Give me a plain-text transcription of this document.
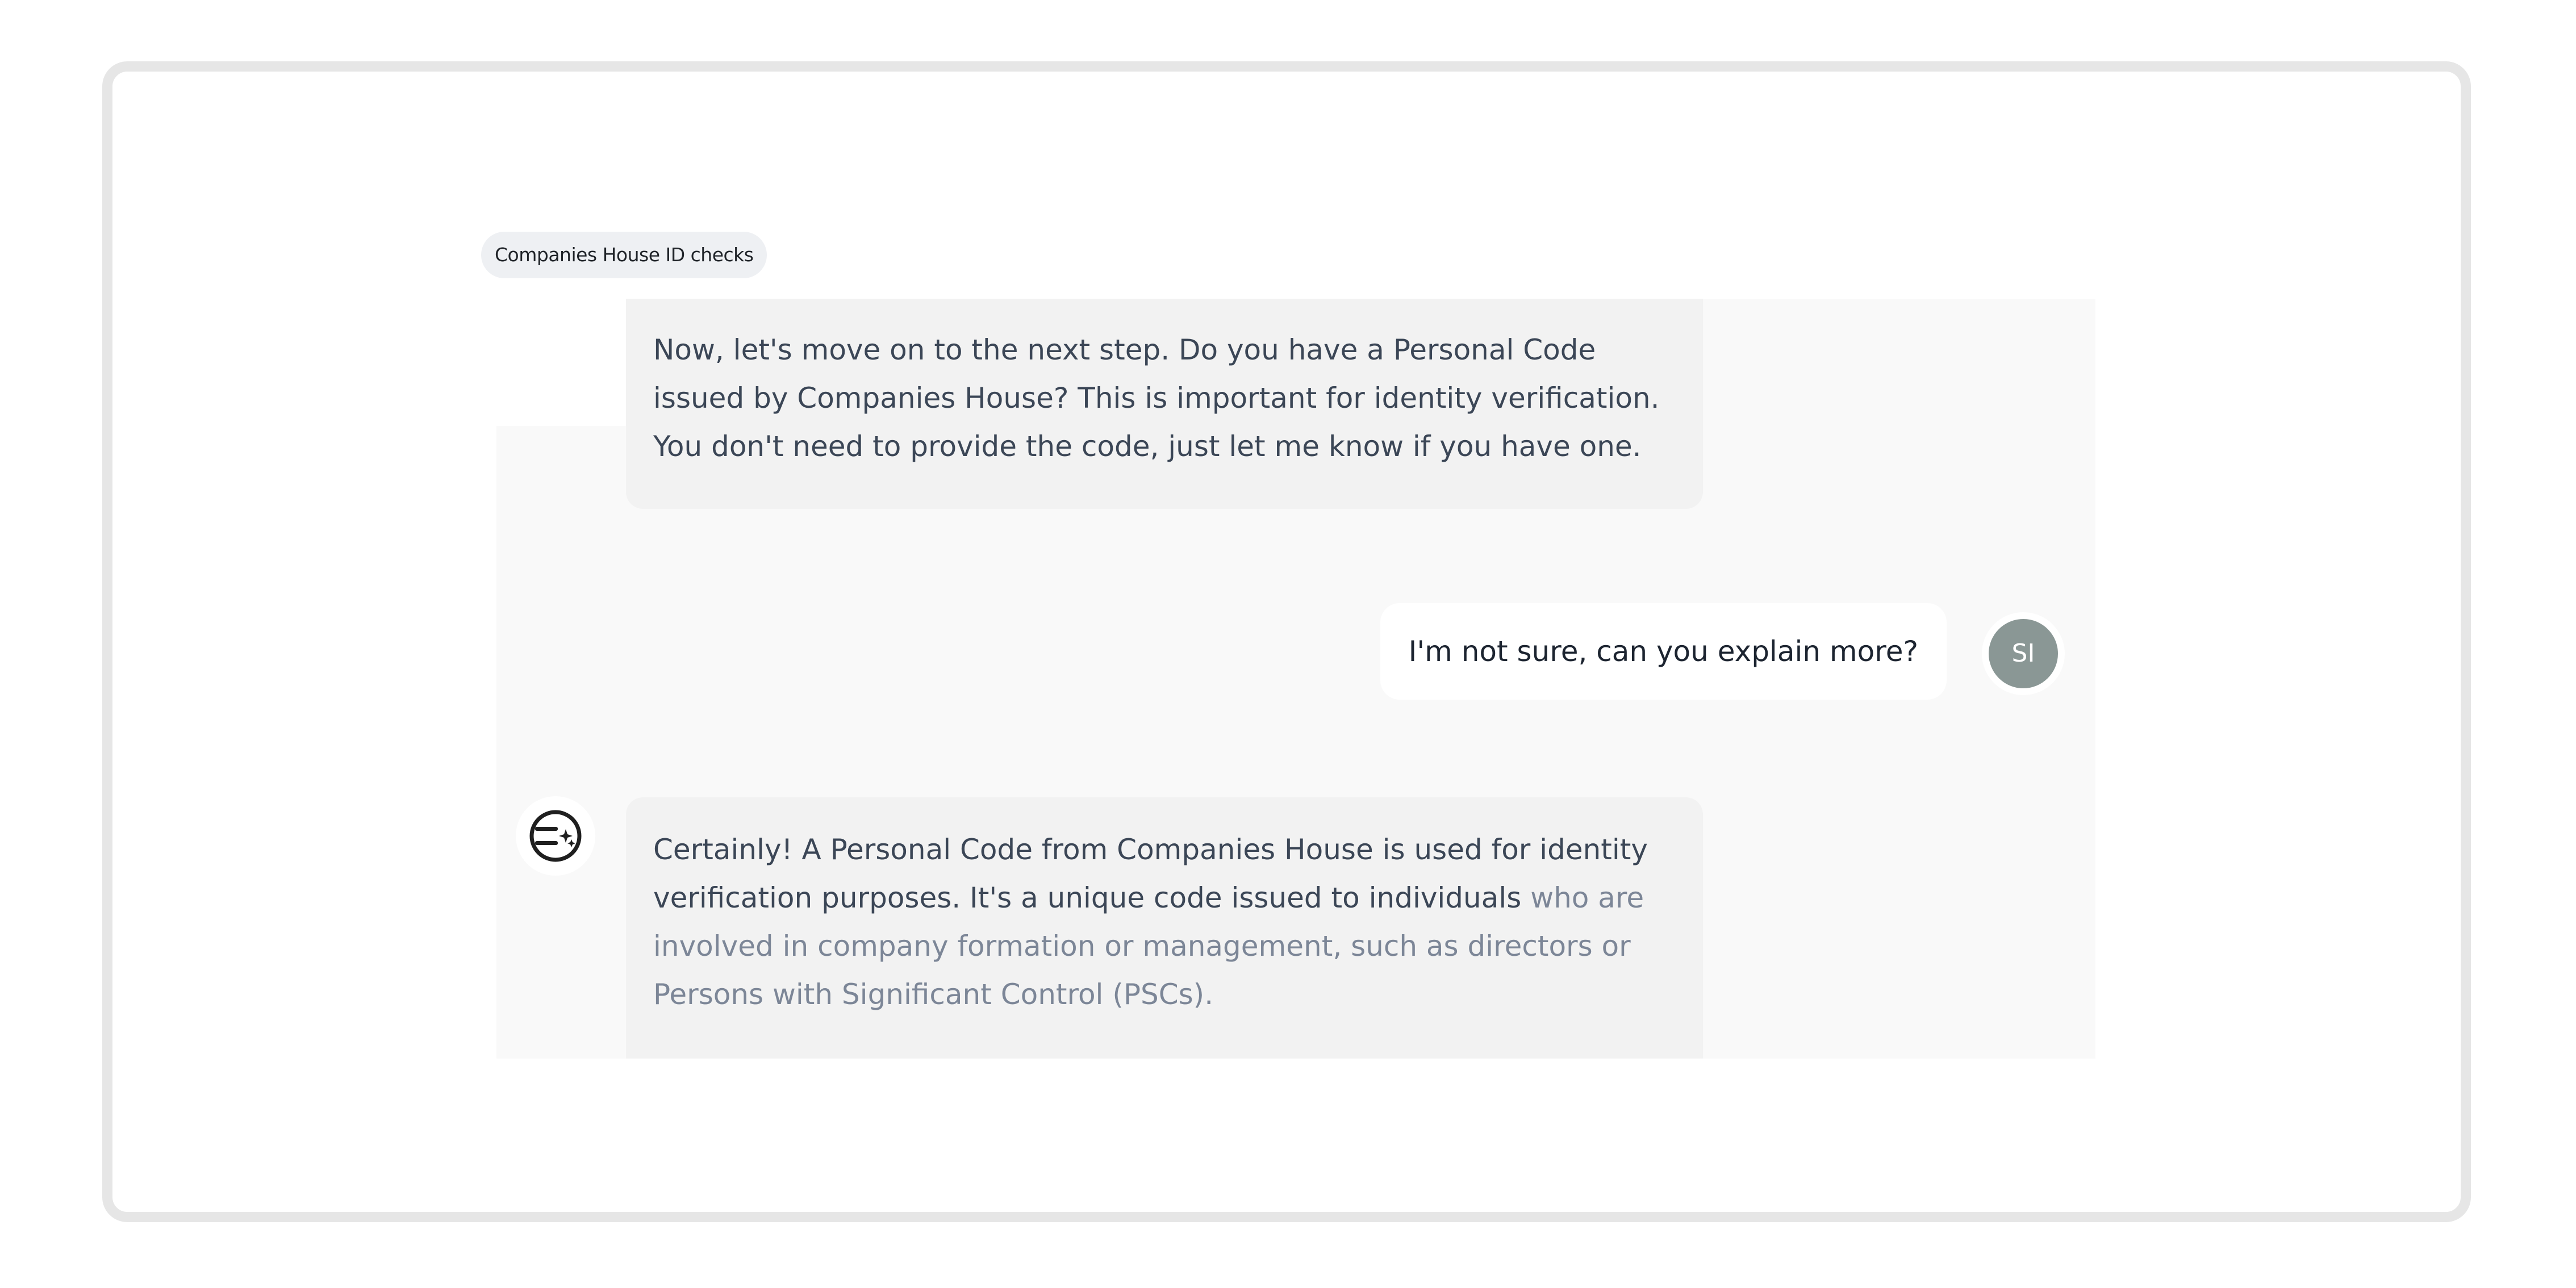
Companies House ID checks
Now, let's move on to the next step. Do you have a Personal Code issued by Companies House? This is important for identity verification. You don't need to provide the code, just let me know if you have one.
I'm not sure, can you explain more?	SI
Certainly! A Personal Code from Companies House is used for identity verification purposes. It's a unique code issued to individuals who are involved in company formation or management, such as directors or Persons with Significant Control (PSCs).
